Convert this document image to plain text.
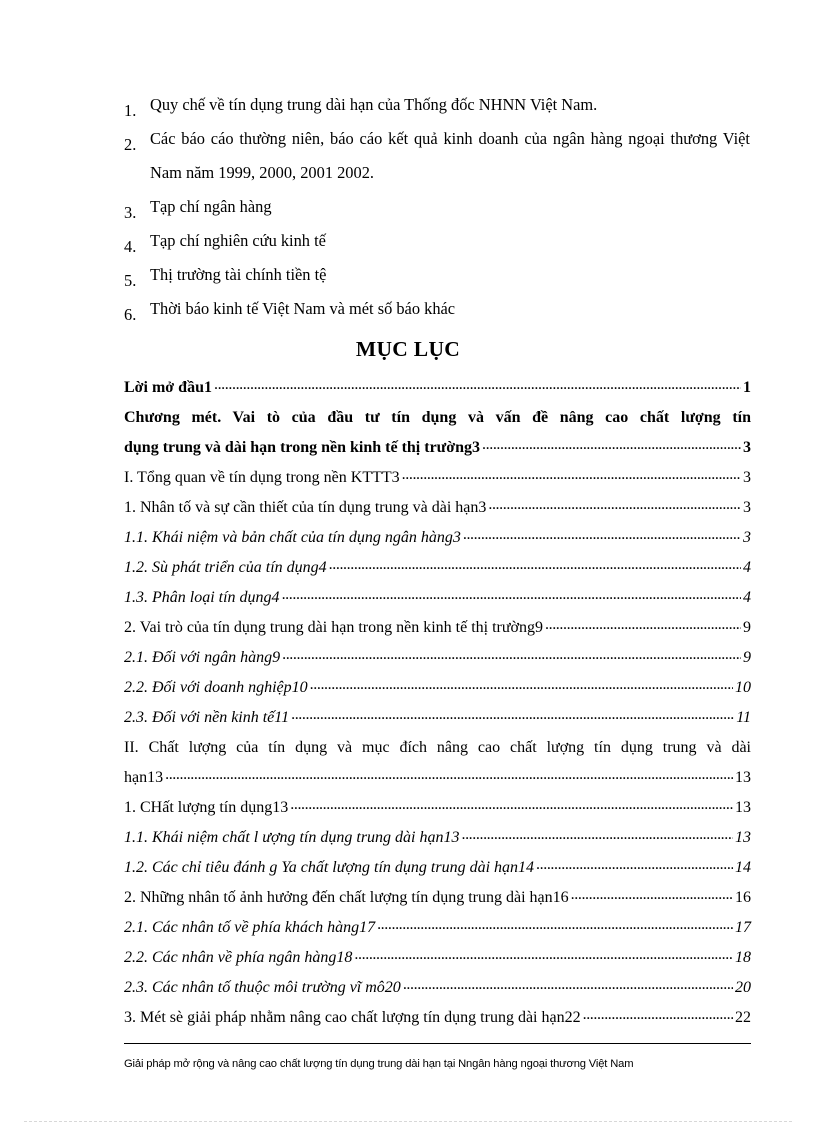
1. Quy chế về tín dụng trung dài hạn của Thống đốc NHNN Việt Nam.
2. Các báo cáo thường niên, báo cáo kết quả kinh doanh của ngân hàng ngoại thương Việt Nam năm 1999, 2000, 2001 2002.
3. Tạp chí ngân hàng
4. Tạp chí nghiên cứu kinh tế
5. Thị trường tài chính tiền tệ
6. Thời báo kinh tế Việt Nam và mét số báo khác
MỤC LỤC
Lời mở đầu1 . . .	1
Chương mét. Vai tò của đầu tư tín dụng và vấn đề nâng cao chất lượng tín
dụng trung và dài hạn trong nền kinh tế thị trường3 . . .	3
I. Tổng quan về tín dụng trong nền KTTT3 . . .	3
1. Nhân tố và sự cần thiết của tín dụng trung và dài hạn3 . . .	3
1.1. Khái niệm và bản chất của tín dụng ngân hàng3 . . .	3
1.2. Sù phát triển của tín dụng4 . . .	4
1.3. Phân loại tín dụng4 . . .	4
2. Vai trò của tín dụng trung dài hạn trong nền kinh tế thị trường9 . . .	9
2.1. Đối với ngân hàng9 . . .	9
2.2. Đối với doanh nghiệp10 . . .	10
2.3. Đối với nền kinh tế11 . . .	11
II. Chất lượng của tín dụng và mục đích nâng cao chất lượng tín dụng trung và dài
hạn13 . . .	13
1. CHất lượng tín dụng13 . . .	13
1.1. Khái niệm chất l ượng tín dụng trung dài hạn13 . . .	13
1.2. Các chỉ tiêu đánh g Ya chất lượng tín dụng trung dài hạn14 . . .	14
2. Những nhân tố ảnh hưởng đến chất lượng tín dụng trung dài hạn16 . . .	16
2.1. Các nhân tố về phía khách hàng17 . . .	17
2.2. Các nhân về phía ngân hàng18 . . .	18
2.3. Các nhân tố thuộc môi trường vĩ mô20 . . .	20
3. Mét sè giải pháp nhằm nâng cao chất lượng tín dụng trung dài hạn22 . . .	22
Giải pháp mở rộng và nâng cao chất lượng tín dụng trung dài hạn tại Nngân hàng ngoại thương Việt Nam
